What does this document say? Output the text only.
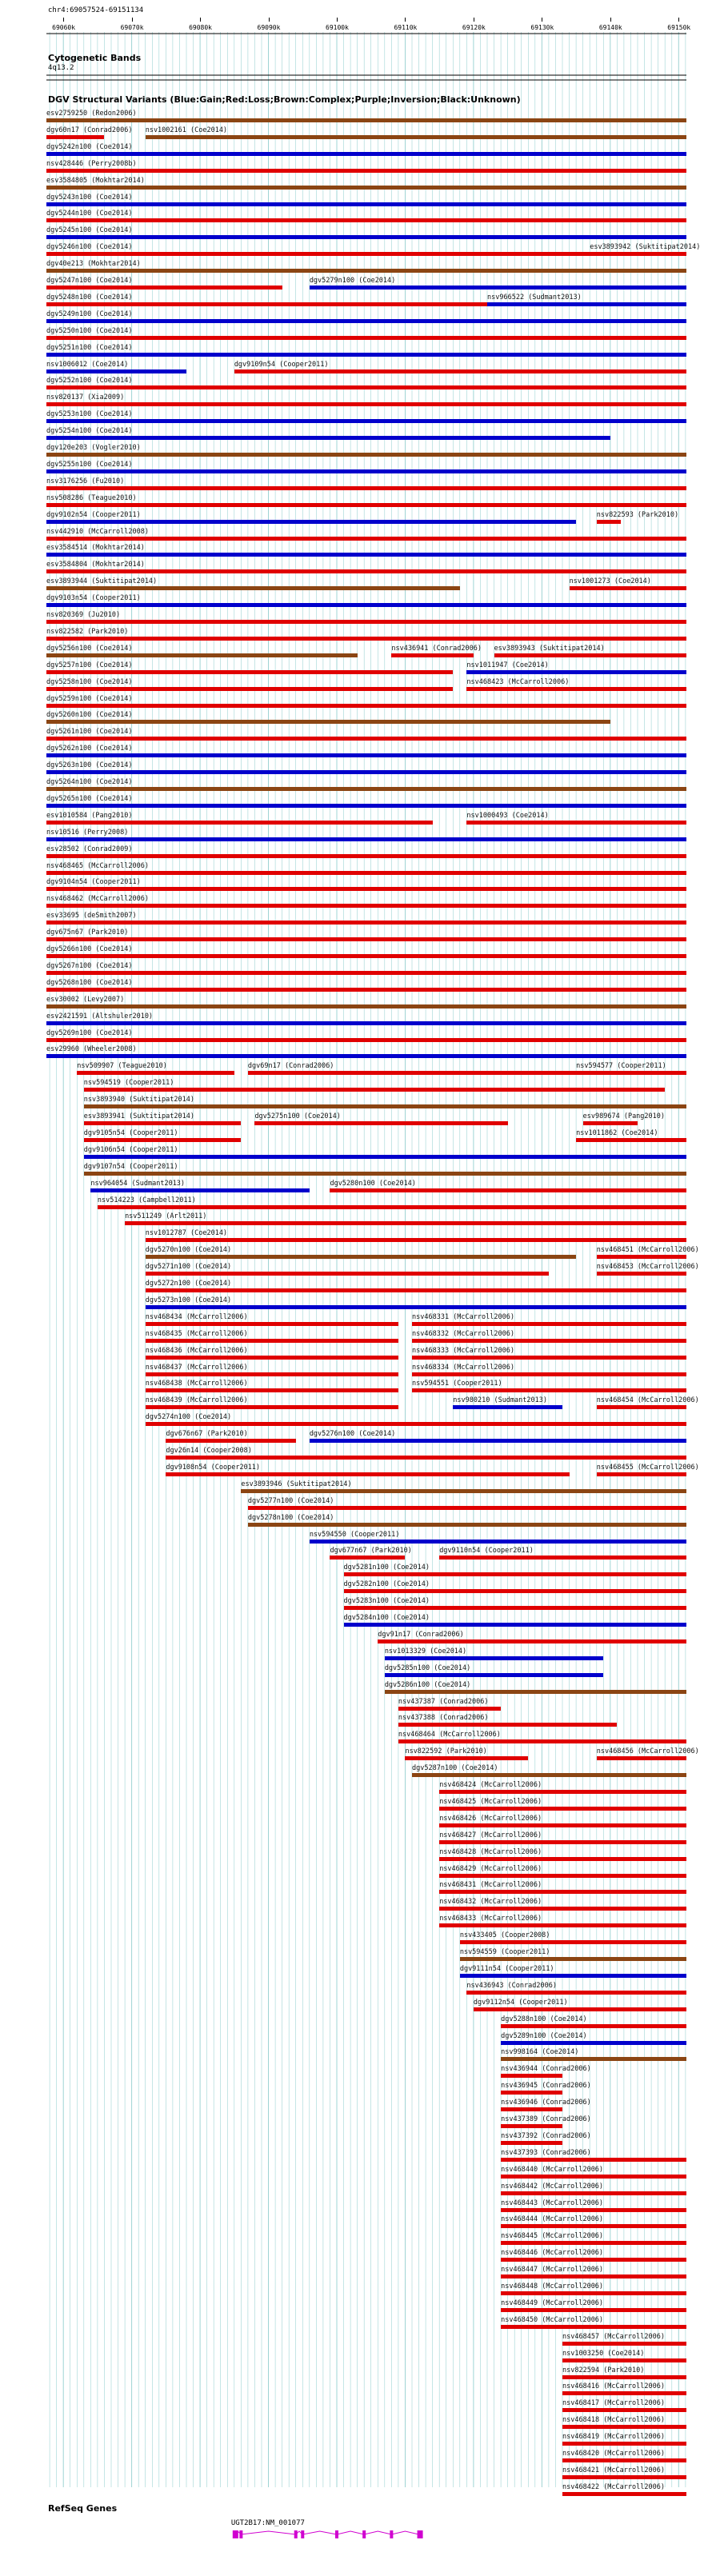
chr4:69057524-69151134
69060k	69070k	69080k	69090k	69100k	69110k	69120k	69130k	69140k	69150k
Cytogenetic Bands
4q13.2
DGV Structural Variants (Blue:Gain;Red:Loss;Brown:Complex;Purple;Inversion;Black:Unknown)
esv2759250 (Redon2006)
dgv60n17 (Conrad2006) nsv1002161 (Coe2014)
dgv5242n100 (Coe2014)
nsv428446 (Perry2008b)
esv3584805 (Mokhtar2014)
dgv5243n100 (Coe2014)
dgv5244n100 (Coe2014)
dgv5245n100 (Coe2014)
dgv5246n100 (Coe2014)	esv3893942 (Suktitipat2014)
dgv40e213 (Mokhtar2014)
dgv5247n100 (Coe2014)	dgv5279n100 (Coe2014)
dgv5248n100 (Coe2014)	nsv966522 (Sudmant2013)
dgv5249n100 (Coe2014)
dgv5250n100 (Coe2014)
dgv5251n100 (Coe2014)
nsv1006012 (Coe2014)	dgv9109n54 (Cooper2011)
dgv5252n100 (Coe2014)
nsv820137 (Xia2009)
dgv5253n100 (Coe2014)
dgv5254n100 (Coe2014)
dgv120e203 (Vogler2010)
dgv5255n100 (Coe2014)
nsv3176256 (Fu2010)
nsv508286 (Teague2010)
dgv9102n54 (Cooper2011)	nsv822593 (Park2010)
nsv442910 (McCarroll2008)
esv3584514 (Mokhtar2014)
esv3584804 (Mokhtar2014)
esv3893944 (Suktitipat2014)	nsv1001273 (Coe2014)
dgv9103n54 (Cooper2011)
nsv820369 (Ju2010)
nsv822582 (Park2010)
dgv5256n100 (Coe2014)	nsv436941 (Conrad2006) esv3893943 (Suktitipat2014)
dgv5257n100 (Coe2014)	nsv1011947 (Coe2014)
dgv5258n100 (Coe2014)	nsv468423 (McCarroll2006)
dgv5259n100 (Coe2014)
dgv5260n100 (Coe2014)
dgv5261n100 (Coe2014)
dgv5262n100 (Coe2014)
dgv5263n100 (Coe2014)
dgv5264n100 (Coe2014)
dgv5265n100 (Coe2014)
esv1010584 (Pang2010)	nsv1000493 (Coe2014)
nsv10516 (Perry2008)
esv28502 (Conrad2009)
nsv468465 (McCarroll2006)
dgv9104n54 (Cooper2011)
nsv468462 (McCarroll2006)
esv33695 (deSmith2007)
dgv675n67 (Park2010)
dgv5266n100 (Coe2014)
dgv5267n100 (Coe2014)
dgv5268n100 (Coe2014)
esv30002 (Levy2007)
esv2421591 (Altshuler2010)
dgv5269n100 (Coe2014)
esv29960 (Wheeler2008)
nsv509907 (Teague2010)	dgv69n17 (Conrad2006)	nsv594577 (Cooper2011)
nsv594519 (Cooper2011)
nsv3893940 (Suktitipat2014)
esv3893941 (Suktitipat2014)	dgv5275n100 (Coe2014)	esv989674 (Pang2010)
dgv9105n54 (Cooper2011)	nsv1011862 (Coe2014)
dgv9106n54 (Cooper2011)
dgv9107n54 (Cooper2011)
nsv964054 (Sudmant2013)	dgv5280n100 (Coe2014)
nsv514223 (Campbell2011)
nsv511249 (Arlt2011)
nsv1012787 (Coe2014)
dgv5270n100 (Coe2014)	nsv468451 (McCarroll2006)
dgv5271n100 (Coe2014)	nsv468453 (McCarroll2006)
dgv5272n100 (Coe2014)
dgv5273n100 (Coe2014)
nsv468434 (McCarroll2006)	nsv468331 (McCarroll2006)
nsv468435 (McCarroll2006)	nsv468332 (McCarroll2006)
nsv468436 (McCarroll2006)	nsv468333 (McCarroll2006)
nsv468437 (McCarroll2006)	nsv468334 (McCarroll2006)
nsv468438 (McCarroll2006)	nsv594551 (Cooper2011)
nsv468439 (McCarroll2006)	nsv980210 (Sudmant2013)	nsv468454 (McCarroll2006)
dgv5274n100 (Coe2014)
dgv676n67 (Park2010)	dgv5276n100 (Coe2014)
dgv26n14 (Cooper2008)
dgv9108n54 (Cooper2011)	nsv468455 (McCarroll2006)
esv3893946 (Suktitipat2014)
dgv5277n100 (Coe2014)
dgv5278n100 (Coe2014)
nsv594550 (Cooper2011)
dgv677n67 (Park2010)	dgv9110n54 (Cooper2011)
dgv5281n100 (Coe2014)
dgv5282n100 (Coe2014)
dgv5283n100 (Coe2014)
dgv5284n100 (Coe2014)
dgv91n17 (Conrad2006)
nsv1013329 (Coe2014)
dgv5285n100 (Coe2014)
dgv5286n100 (Coe2014)
nsv437387 (Conrad2006)
nsv437388 (Conrad2006)
nsv468464 (McCarroll2006)
nsv822592 (Park2010)	nsv468456 (McCarroll2006)
dgv5287n100 (Coe2014)
nsv468424 (McCarroll2006)
nsv468425 (McCarroll2006)
nsv468426 (McCarroll2006)
nsv468427 (McCarroll2006)
nsv468428 (McCarroll2006)
nsv468429 (McCarroll2006)
nsv468431 (McCarroll2006)
nsv468432 (McCarroll2006)
nsv468433 (McCarroll2006)
nsv433405 (Cooper2008)
nsv594559 (Cooper2011)
dgv9111n54 (Cooper2011)
nsv436943 (Conrad2006)
dgv9112n54 (Cooper2011)
dgv5288n100 (Coe2014)
dgv5289n100 (Coe2014)
nsv998164 (Coe2014)
nsv436944 (Conrad2006)
nsv436945 (Conrad2006)
nsv436946 (Conrad2006)
nsv437389 (Conrad2006)
nsv437392 (Conrad2006)
nsv437393 (Conrad2006)
nsv468440 (McCarroll2006)
nsv468442 (McCarroll2006)
nsv468443 (McCarroll2006)
nsv468444 (McCarroll2006)
nsv468445 (McCarroll2006)
nsv468446 (McCarroll2006)
nsv468447 (McCarroll2006)
nsv468448 (McCarroll2006)
nsv468449 (McCarroll2006)
nsv468450 (McCarroll2006)
nsv468457 (McCarroll2006)
nsv1003250 (Coe2014)
nsv822594 (Park2010)
nsv468416 (McCarroll2006)
nsv468417 (McCarroll2006)
nsv468418 (McCarroll2006)
nsv468419 (McCarroll2006)
nsv468420 (McCarroll2006)
nsv468421 (McCarroll2006)
nsv468422 (McCarroll2006)
RefSeq Genes
UGT2B17:NM_001077
